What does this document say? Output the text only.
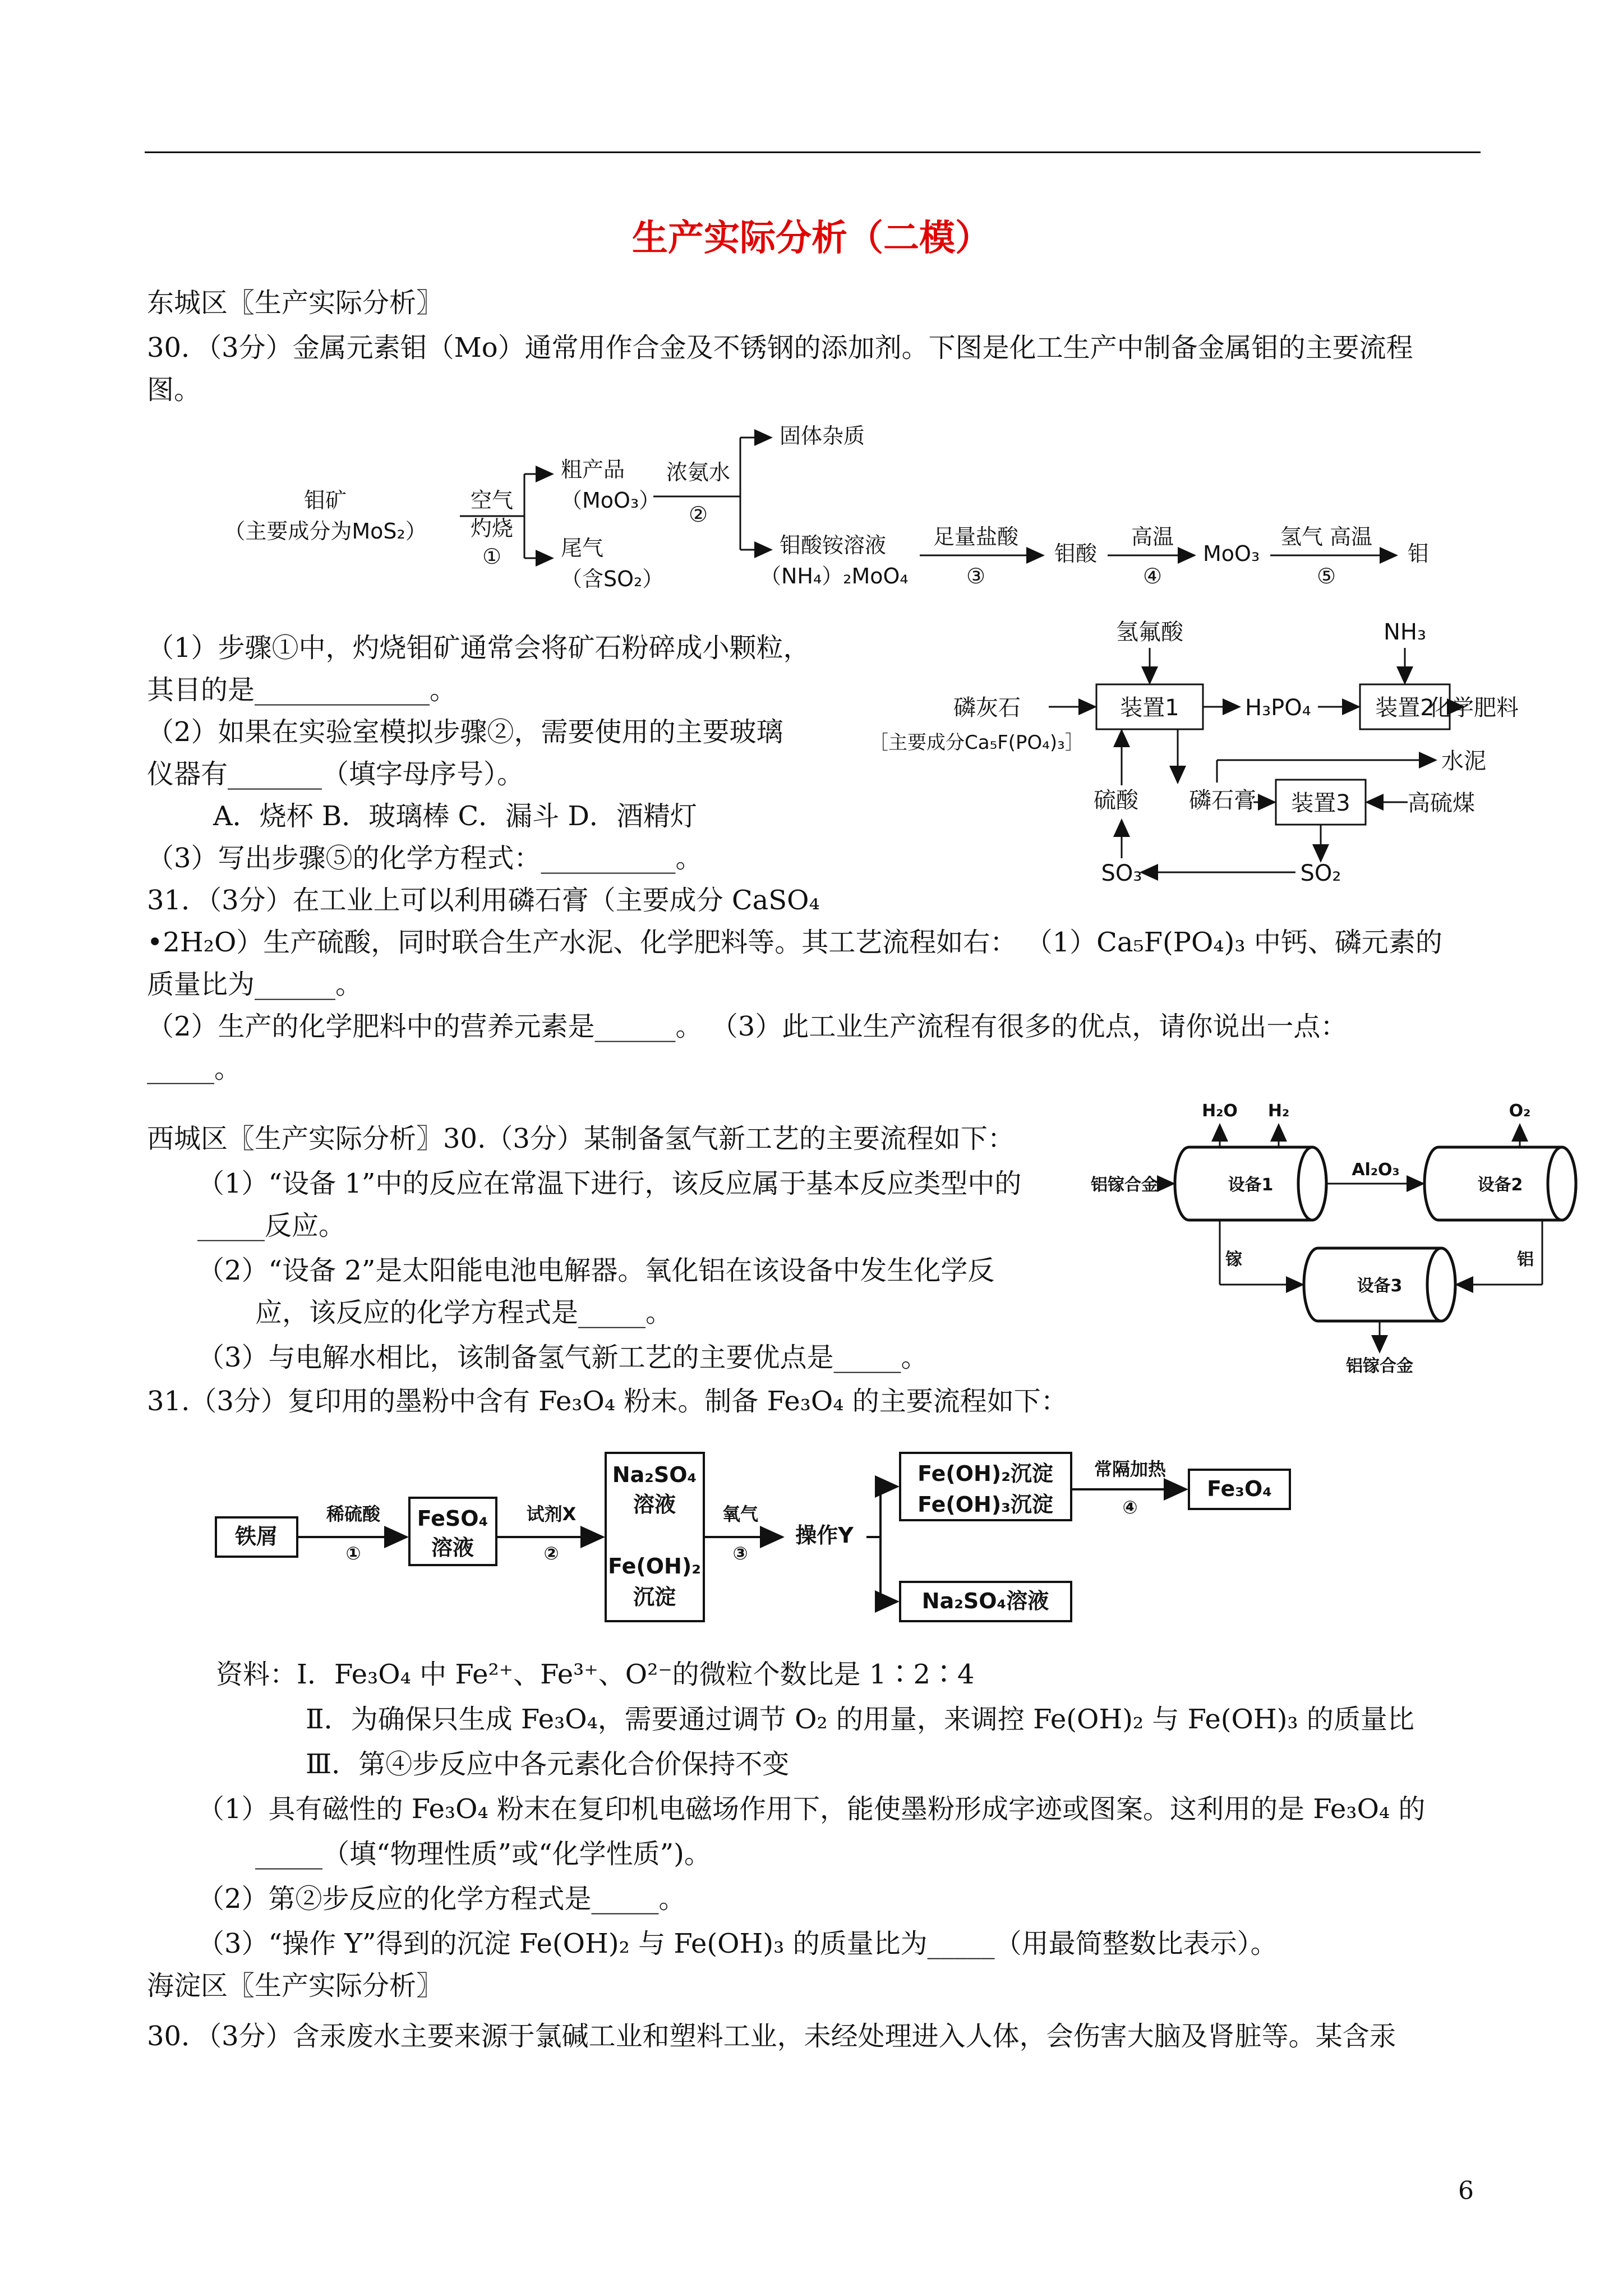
生产实际分析（二模）
东城区〖生产实际分析〗
30．（3分）金属元素钼（Mo）通常用作合金及不锈钢的添加剂。下图是化工生产中制备金属钼的主要流程
图。
钼矿
（主要成分为MoS₂）
空气
灼烧
①
粗产品
（MoO₃）
尾气
（含SO₂）
浓氨水
②
固体杂质
钼酸铵溶液
（NH₄）₂MoO₄
足量盐酸
③
钼酸
高温
④
MoO₃
氢气 高温
⑤
钼
（1）步骤①中，灼烧钼矿通常会将矿石粉碎成小颗粒，
其目的是_____________。
（2）如果在实验室模拟步骤②，需要使用的主要玻璃
仪器有_______（填字母序号）。
A．烧杯 B．玻璃棒 C．漏斗 D．酒精灯
（3）写出步骤⑤的化学方程式：__________。
31．（3分）在工业上可以利用磷石膏（主要成分 CaSO₄
•2H₂O）生产硫酸，同时联合生产水泥、化学肥料等。其工艺流程如右： （1）Ca₅F(PO₄)₃ 中钙、磷元素的
质量比为______。
（2）生产的化学肥料中的营养元素是______。 （3）此工业生产流程有很多的优点，请你说出一点：
_____。
氢氟酸	NH₃
磷灰石
［主要成分Ca₅F(PO₄)₃］
装置1	H₃PO₄	装置2
化学肥料
水泥
硫酸 磷石膏 装置3	高硫煤
SO₃	SO₂
西城区〖生产实际分析〗30.（3分）某制备氢气新工艺的主要流程如下：
（1）“设备 1”中的反应在常温下进行，该反应属于基本反应类型中的
_____反应。
（2）“设备 2”是太阳能电池电解器。氧化铝在该设备中发生化学反
应，该反应的化学方程式是_____。
（3）与电解水相比，该制备氢气新工艺的主要优点是_____。
H₂O H₂	O₂
铝镓合金	设备1
Al₂O₃
设备2
镓	铝
设备3
铝镓合金
31.（3分）复印用的墨粉中含有 Fe₃O₄ 粉末。制备 Fe₃O₄ 的主要流程如下：
铁屑
稀硫酸
①
FeSO₄
溶液
试剂X
②
Na₂SO₄
溶液
Fe(OH)₂
沉淀
氧气
③
操作Y
Fe(OH)₂沉淀
Fe(OH)₃沉淀
常隔加热
④
Fe₃O₄
Na₂SO₄溶液
资料：Ⅰ．Fe₃O₄ 中 Fe²⁺、Fe³⁺、O²⁻的微粒个数比是 1∶2∶4
Ⅱ．为确保只生成 Fe₃O₄，需要通过调节 O₂ 的用量，来调控 Fe(OH)₂ 与 Fe(OH)₃ 的质量比
Ⅲ．第④步反应中各元素化合价保持不变
（1）具有磁性的 Fe₃O₄ 粉末在复印机电磁场作用下，能使墨粉形成字迹或图案。这利用的是 Fe₃O₄ 的
_____（填“物理性质”或“化学性质”)。
（2）第②步反应的化学方程式是_____。
（3）“操作 Y”得到的沉淀 Fe(OH)₂ 与 Fe(OH)₃ 的质量比为_____（用最简整数比表示）。
海淀区〖生产实际分析〗
30．（3分）含汞废水主要来源于氯碱工业和塑料工业，未经处理进入人体，会伤害大脑及肾脏等。某含汞
6
